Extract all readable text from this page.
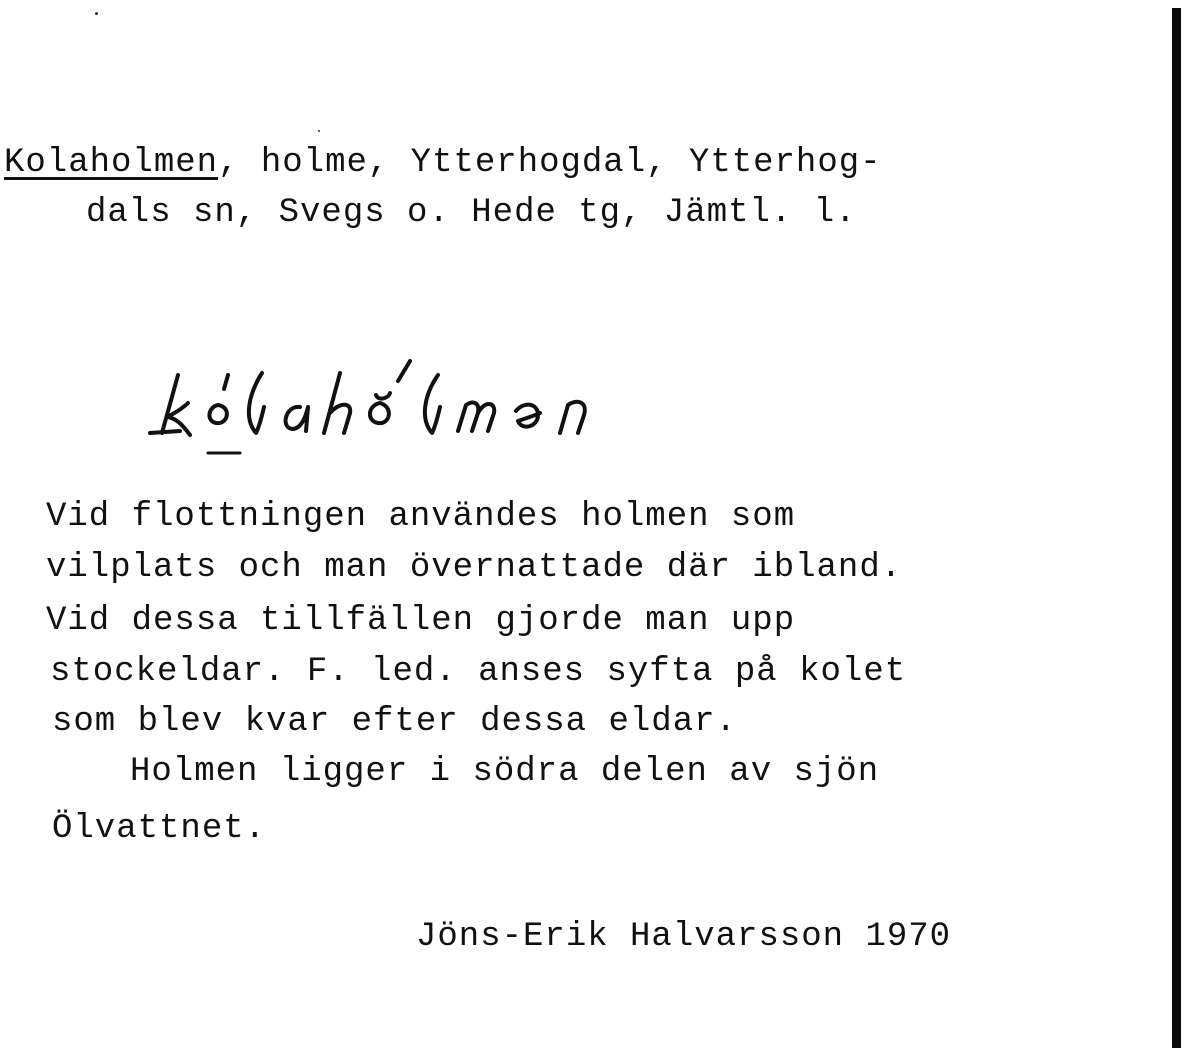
Kolaholmen, holme, Ytterhogdal, Ytterhog-
dals sn, Svegs o. Hede tg, Jämtl. l.
Vid flottningen användes holmen som
vilplats och man övernattade där ibland.
Vid dessa tillfällen gjorde man upp
stockeldar. F. led. anses syfta på kolet
som blev kvar efter dessa eldar.
Holmen ligger i södra delen av sjön
Ölvattnet.
Jöns-Erik Halvarsson 1970
